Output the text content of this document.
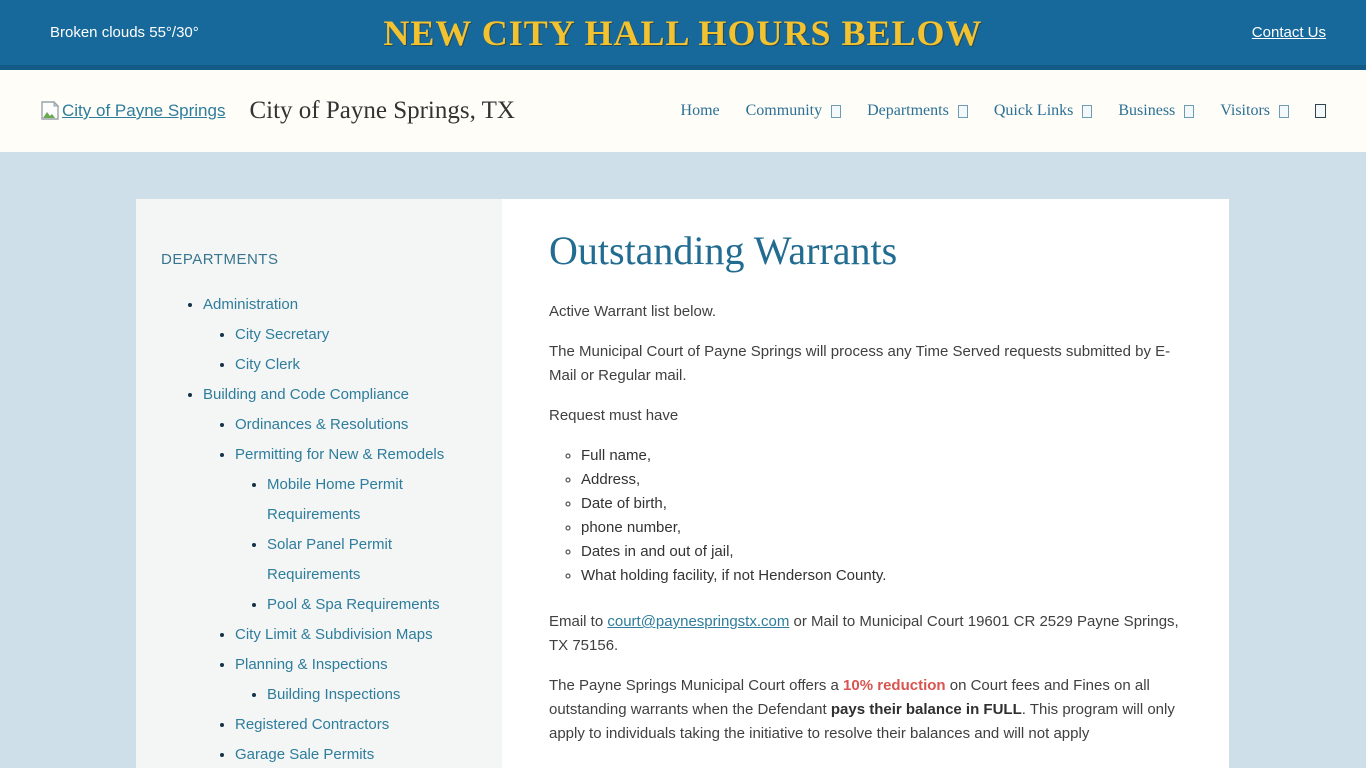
Broken clouds 55°/30°	NEW CITY HALL HOURS BELOW	Contact Us
City of Payne Springs City of Payne Springs, TX	Home Community	Departments	Quick Links	Business	Visitors
DEPARTMENTS
• Administration
• City Secretary
• City Clerk
• Building and Code Compliance
• Ordinances & Resolutions
• Permitting for New & Remodels
• Mobile Home Permit Requirements
• Solar Panel Permit Requirements
• Pool & Spa Requirements
• City Limit & Subdivision Maps
• Planning & Inspections
• Building Inspections
• Registered Contractors
• Garage Sale Permits
Outstanding Warrants

Active Warrant list below.

The Municipal Court of Payne Springs will process any Time Served requests submitted by E-Mail or Regular mail.

Request must have

◦ Full name,
◦ Address,
◦ Date of birth,
◦ phone number,
◦ Dates in and out of jail,
◦ What holding facility, if not Henderson County.

Email to court@paynespringstx.com or Mail to Municipal Court 19601 CR 2529 Payne Springs, TX 75156.

The Payne Springs Municipal Court offers a 10% reduction on Court fees and Fines on all outstanding warrants when the Defendant pays their balance in FULL. This program will only apply to individuals taking the initiative to resolve their balances and will not apply
